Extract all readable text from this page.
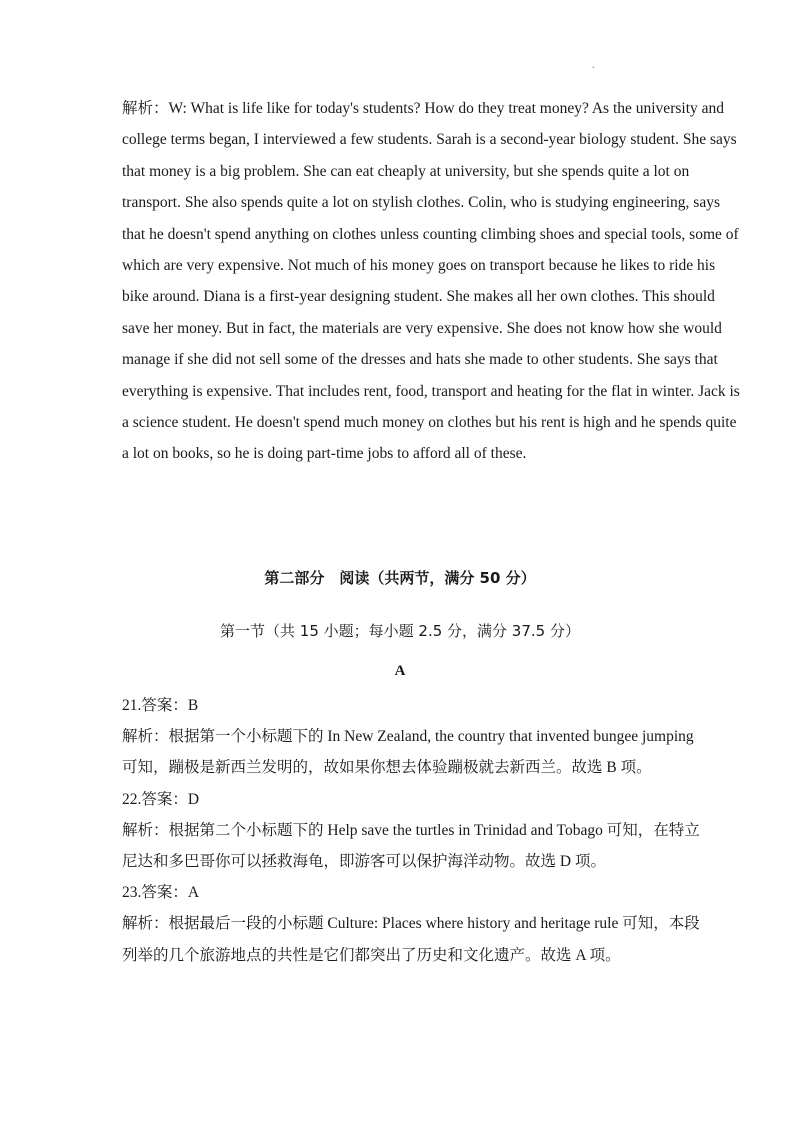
.

解析：W: What is life like for today's students? How do they treat money? As the university and college terms began, I interviewed a few students. Sarah is a second-year biology student. She says that money is a big problem. She can eat cheaply at university, but she spends quite a lot on transport. She also spends quite a lot on stylish clothes. Colin, who is studying engineering, says that he doesn't spend anything on clothes unless counting climbing shoes and special tools, some of which are very expensive. Not much of his money goes on transport because he likes to ride his bike around. Diana is a first-year designing student. She makes all her own clothes. This should save her money. But in fact, the materials are very expensive. She does not know how she would manage if she did not sell some of the dresses and hats she made to other students. She says that everything is expensive. That includes rent, food, transport and heating for the flat in winter. Jack is a science student. He doesn't spend much money on clothes but his rent is high and he spends quite a lot on books, so he is doing part-time jobs to afford all of these.

第二部分　阅读（共两节，满分 50 分）
第一节（共 15 小题；每小题 2.5 分，满分 37.5 分）
A
21.答案：B
解析：根据第一个小标题下的 In New Zealand, the country that invented bungee jumping 可知，蹦极是新西兰发明的，故如果你想去体验蹦极就去新西兰。故选 B 项。
22.答案：D
解析：根据第二个小标题下的 Help save the turtles in Trinidad and Tobago 可知，在特立尼达和多巴哥你可以拯救海龟，即游客可以保护海洋动物。故选 D 项。
23.答案：A
解析：根据最后一段的小标题 Culture: Places where history and heritage rule 可知，本段列举的几个旅游地点的共性是它们都突出了历史和文化遗产。故选 A 项。
